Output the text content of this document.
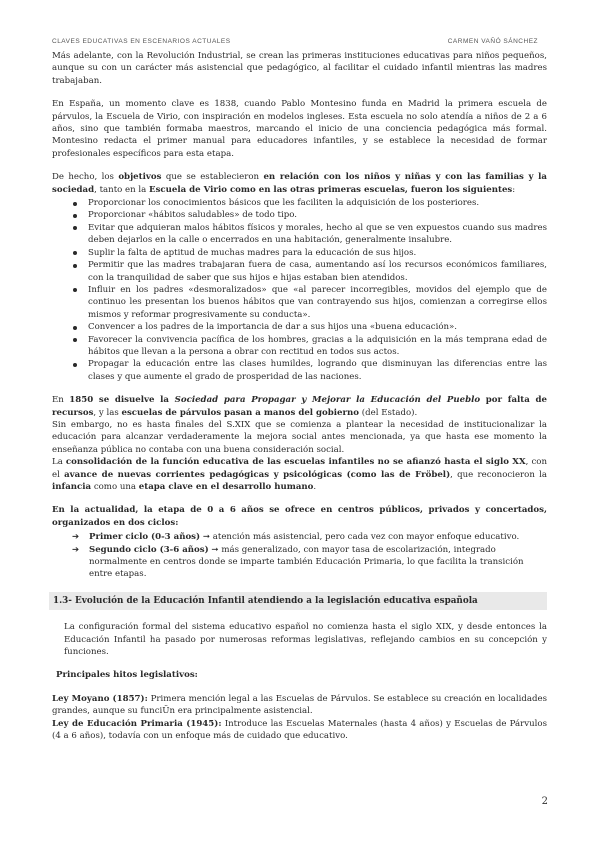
CLAVES EDUCATIVAS EN ESCENARIOS ACTUALES	CARMEN VAÑÓ SÁNCHEZ

Más adelante, con la Revolución Industrial, se crean las primeras instituciones educativas para niños pequeños, aunque su con un carácter más asistencial que pedagógico, al facilitar el cuidado infantil mientras las madres trabajaban.

En España, un momento clave es 1838, cuando Pablo Montesino funda en Madrid la primera escuela de párvulos, la Escuela de Virio, con inspiración en modelos ingleses. Esta escuela no solo atendía a niños de 2 a 6 años, sino que también formaba maestros, marcando el inicio de una conciencia pedagógica más formal. Montesino redacta el primer manual para educadores infantiles, y se establece la necesidad de formar profesionales específicos para esta etapa.

De hecho, los objetivos que se establecieron en relación con los niños y niñas y con las familias y la sociedad, tanto en la Escuela de Virio como en las otras primeras escuelas, fueron los siguientes:

Proporcionar los conocimientos básicos que les faciliten la adquisición de los posteriores.
Proporcionar «hábitos saludables» de todo tipo.
Evitar que adquieran malos hábitos físicos y morales, hecho al que se ven expuestos cuando sus madres deben dejarlos en la calle o encerrados en una habitación, generalmente insalubre.
Suplir la falta de aptitud de muchas madres para la educación de sus hijos.
Permitir que las madres trabajaran fuera de casa, aumentando así los recursos económicos familiares, con la tranquilidad de saber que sus hijos e hijas estaban bien atendidos.
Influir en los padres «desmoralizados» que «al parecer incorregibles, movidos del ejemplo que de continuo les presentan los buenos hábitos que van contrayendo sus hijos, comienzan a corregirse ellos mismos y reformar progresivamente su conducta».
Convencer a los padres de la importancia de dar a sus hijos una «buena educación».
Favorecer la convivencia pacífica de los hombres, gracias a la adquisición en la más temprana edad de hábitos que llevan a la persona a obrar con rectitud en todos sus actos.
Propagar la educación entre las clases humildes, logrando que disminuyan las diferencias entre las clases y que aumente el grado de prosperidad de las naciones.

En 1850 se disuelve la Sociedad para Propagar y Mejorar la Educación del Pueblo por falta de recursos, y las escuelas de párvulos pasan a manos del gobierno (del Estado).

Sin embargo, no es hasta finales del S.XIX que se comienza a plantear la necesidad de institucionalizar la educación para alcanzar verdaderamente la mejora social antes mencionada, ya que hasta ese momento la enseñanza pública no contaba con una buena consideración social.

La consolidación de la función educativa de las escuelas infantiles no se afianzó hasta el siglo XX, con el avance de nuevas corrientes pedagógicas y psicológicas (como las de Fröbel), que reconocieron la infancia como una etapa clave en el desarrollo humano.

En la actualidad, la etapa de 0 a 6 años se ofrece en centros públicos, privados y concertados, organizados en dos ciclos:

➔ Primer ciclo (0-3 años) ➞ atención más asistencial, pero cada vez con mayor enfoque educativo.
➔ Segundo ciclo (3-6 años) ➞ más generalizado, con mayor tasa de escolarización, integrado normalmente en centros donde se imparte también Educación Primaria, lo que facilita la transición entre etapas.
1.3- Evolución de la Educación Infantil atendiendo a la legislación educativa española

La configuración formal del sistema educativo español no comienza hasta el siglo XIX, y desde entonces la Educación Infantil ha pasado por numerosas reformas legislativas, reflejando cambios en su concepción y funciones.

Principales hitos legislativos:

Ley Moyano (1857): Primera mención legal a las Escuelas de Párvulos. Se establece su creación en localidades grandes, aunque su funciÜn era principalmente asistencial.

Ley de Educación Primaria (1945): Introduce las Escuelas Maternales (hasta 4 años) y Escuelas de Párvulos (4 a 6 años), todavía con un enfoque más de cuidado que educativo.

2
